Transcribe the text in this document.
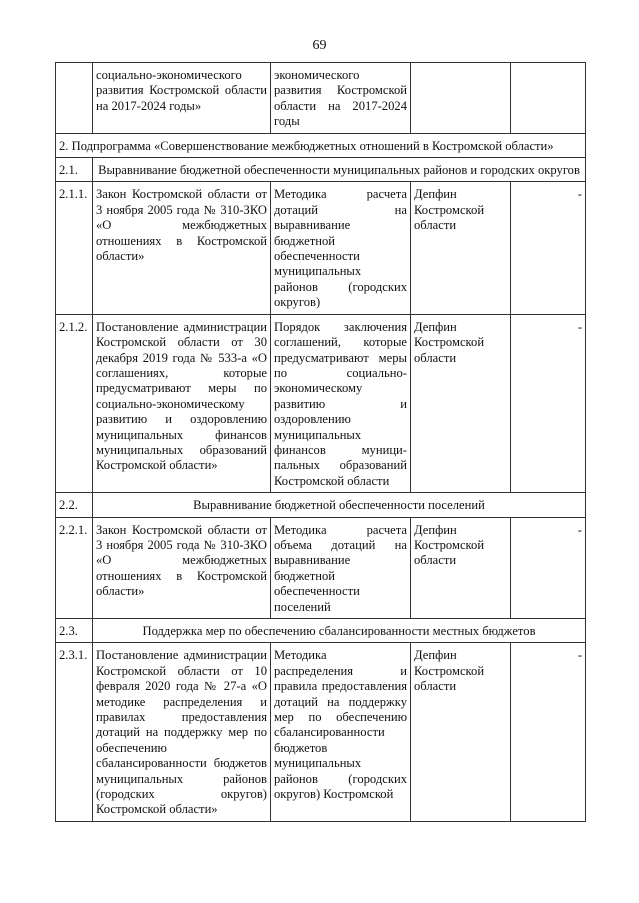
69
	социально-экономического развития Костромской области на 2017-2024 годы»	экономического развития Костромской области на 2017-2024 годы		
2. Подпрограмма «Совершенствование межбюджетных отношений в Костромской области»				
2.1.	Выравнивание бюджетной обеспеченности муниципальных районов и городских округов			
2.1.1.	Закон Костромской области от 3 ноября 2005 года № 310-ЗКО «О межбюджетных отношениях в Костромской области»	Методика расчета дотаций на выравнивание бюджетной обеспеченности муниципальных районов (городских округов)	Депфин Костромской области	-
2.1.2.	Постановление администрации Костромской области от 30 декабря 2019 года № 533-а «О соглашениях, которые предусматривают меры по социально-экономическому развитию и оздоровлению муниципальных финансов муниципальных образований Костромской области»	Порядок заключения соглашений, которые предусматривают меры по социально-экономическому развитию и оздоровлению муниципальных финансов муници-пальных образований Костромской области	Депфин Костромской области	-
2.2.	Выравнивание бюджетной обеспеченности поселений			
2.2.1.	Закон Костромской области от 3 ноября 2005 года № 310-ЗКО «О межбюджетных отношениях в Костромской области»	Методика расчета объема дотаций на выравнивание бюджетной обеспеченности поселений	Депфин Костромской области	-
2.3.	Поддержка мер по обеспечению сбалансированности местных бюджетов			
2.3.1.	Постановление администрации Костромской области от 10 февраля 2020 года № 27-а «О методике распределения и правилах предоставления дотаций на поддержку мер по обеспечению сбалансированности бюджетов муниципальных районов (городских округов) Костромской области»	Методика распределения и правила предоставления дотаций на поддержку мер по обеспечению сбалансированности бюджетов муниципальных районов (городских округов) Костромской	Депфин Костромской области	-
